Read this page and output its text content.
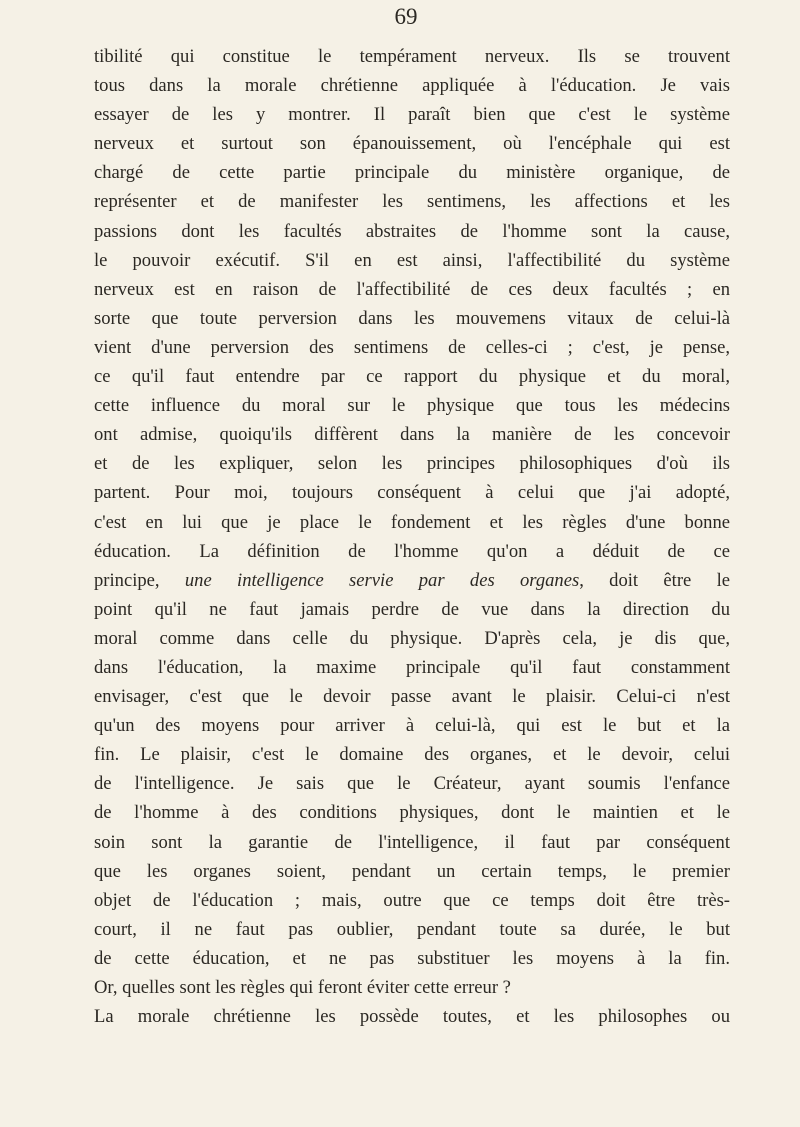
69
tibilité qui constitue le tempérament nerveux. Ils se trouvent
tous dans la morale chrétienne appliquée à l'éducation. Je vais
essayer de les y montrer. Il paraît bien que c'est le système
nerveux et surtout son épanouissement, où l'encéphale qui est
chargé de cette partie principale du ministère organique, de
représenter et de manifester les sentimens, les affections et les
passions dont les facultés abstraites de l'homme sont la cause,
le pouvoir exécutif. S'il en est ainsi, l'affectibilité du système
nerveux est en raison de l'affectibilité de ces deux facultés ; en
sorte que toute perversion dans les mouvemens vitaux de celui-là
vient d'une perversion des sentimens de celles-ci ; c'est, je pense,
ce qu'il faut entendre par ce rapport du physique et du moral,
cette influence du moral sur le physique que tous les médecins
ont admise, quoiqu'ils diffèrent dans la manière de les concevoir
et de les expliquer, selon les principes philosophiques d'où ils
partent. Pour moi, toujours conséquent à celui que j'ai adopté,
c'est en lui que je place le fondement et les règles d'une bonne
éducation. La définition de l'homme qu'on a déduit de ce
principe, une intelligence servie par des organes, doit être le
point qu'il ne faut jamais perdre de vue dans la direction du
moral comme dans celle du physique. D'après cela, je dis que,
dans l'éducation, la maxime principale qu'il faut constamment
envisager, c'est que le devoir passe avant le plaisir. Celui-ci n'est
qu'un des moyens pour arriver à celui-là, qui est le but et la
fin. Le plaisir, c'est le domaine des organes, et le devoir, celui
de l'intelligence. Je sais que le Créateur, ayant soumis l'enfance
de l'homme à des conditions physiques, dont le maintien et le
soin sont la garantie de l'intelligence, il faut par conséquent
que les organes soient, pendant un certain temps, le premier
objet de l'éducation ; mais, outre que ce temps doit être très-
court, il ne faut pas oublier, pendant toute sa durée, le but
de cette éducation, et ne pas substituer les moyens à la fin.
Or, quelles sont les règles qui feront éviter cette erreur ?
La morale chrétienne les possède toutes, et les philosophes ou
